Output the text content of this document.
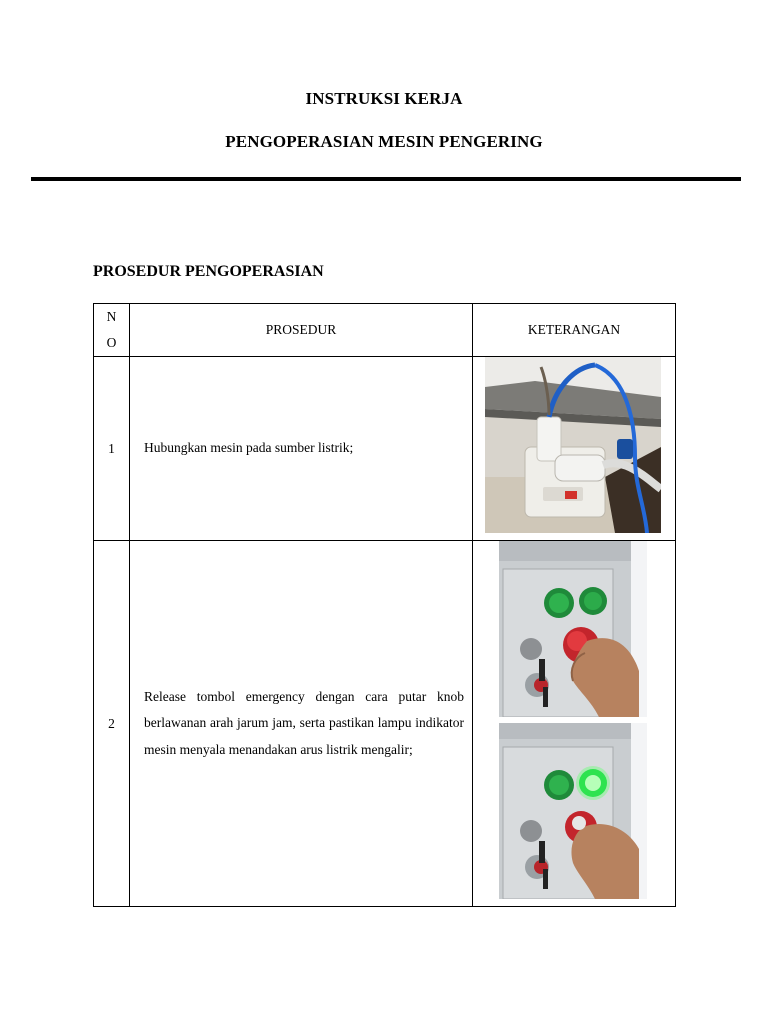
INSTRUKSI KERJA
PENGOPERASIAN MESIN PENGERING
PROSEDUR PENGOPERASIAN
N
O	PROSEDUR	KETERANGAN
1	Hubungkan mesin pada sumber listrik;	

2	Release tombol emergency dengan cara putar knob berlawanan arah jarum jam, serta pastikan lampu indikator mesin menyala menandakan arus listrik mengalir;	
